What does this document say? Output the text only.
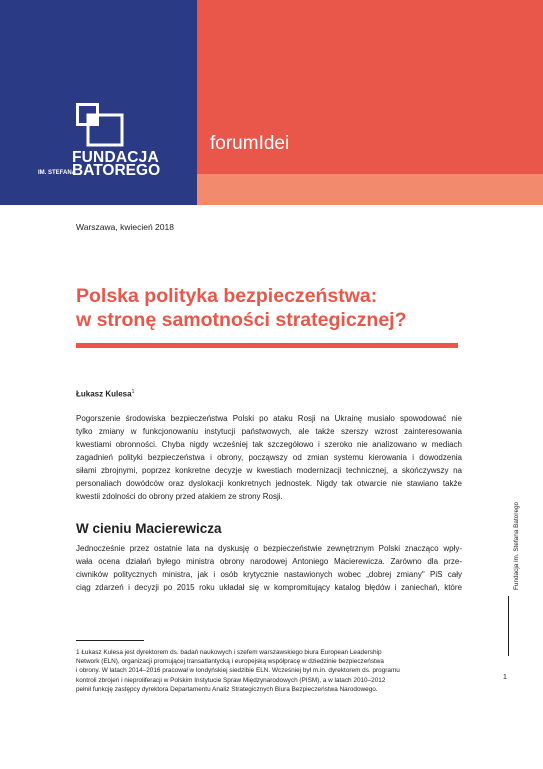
FUNDACJA
IM. STEFANA
BATOREGO
forumIdei
Warszawa, kwiecień 2018
Polska polityka bezpieczeństwa:
w stronę samotności strategicznej?
Łukasz Kulesa$^1$

Pogorszenie środowiska bezpieczeństwa Polski po ataku Rosji na Ukrainę musiało spowodować nie

tylko zmiany w funkcjonowaniu instytucji państwowych, ale także szerszy wzrost zainteresowania

kwestiami obronności. Chyba nigdy wcześniej tak szczegółowo i szeroko nie analizowano w mediach

zagadnień polityki bezpieczeństwa i obrony, począwszy od zmian systemu kierowania i dowodzenia

siłami zbrojnymi, poprzez konkretne decyzje w kwestiach modernizacji technicznej, a skończywszy na

personaliach dowódców oraz dyslokacji konkretnych jednostek. Nigdy tak otwarcie nie stawiano także

kwestii zdolności do obrony przed atakiem ze strony Rosji.

W cieniu Macierewicza

Jednocześnie przez ostatnie lata na dyskusję o bezpieczeństwie zewnętrznym Polski znacząco wpły-

wała ocena działań byłego ministra obrony narodowej Antoniego Macierewicza. Zarówno dla prze-

ciwników politycznych ministra, jak i osób krytycznie nastawionych wobec „dobrej zmiany" PiS cały

ciąg zdarzeń i decyzji po 2015 roku układał się w kompromitujący katalog błędów i zaniechań, które

1 Łukasz Kulesa jest dyrektorem ds. badań naukowych i szefem warszawskiego biura European Leadership

Network (ELN), organizacji promującej transatlantycką i europejską współpracę w dziedzinie bezpieczeństwa

i obrony. W latach 2014–2016 pracował w londyńskiej siedzibie ELN. Wcześniej był m.in. dyrektorem ds. programu

kontroli zbrojeń i nieproliferacji w Polskim Instytucie Spraw Międzynarodowych (PISM), a w latach 2010–2012

pełnił funkcję zastępcy dyrektora Departamentu Analiz Strategicznych Biura Bezpieczeństwa Narodowego.

Fundacja im. Stefana Batorego
1
